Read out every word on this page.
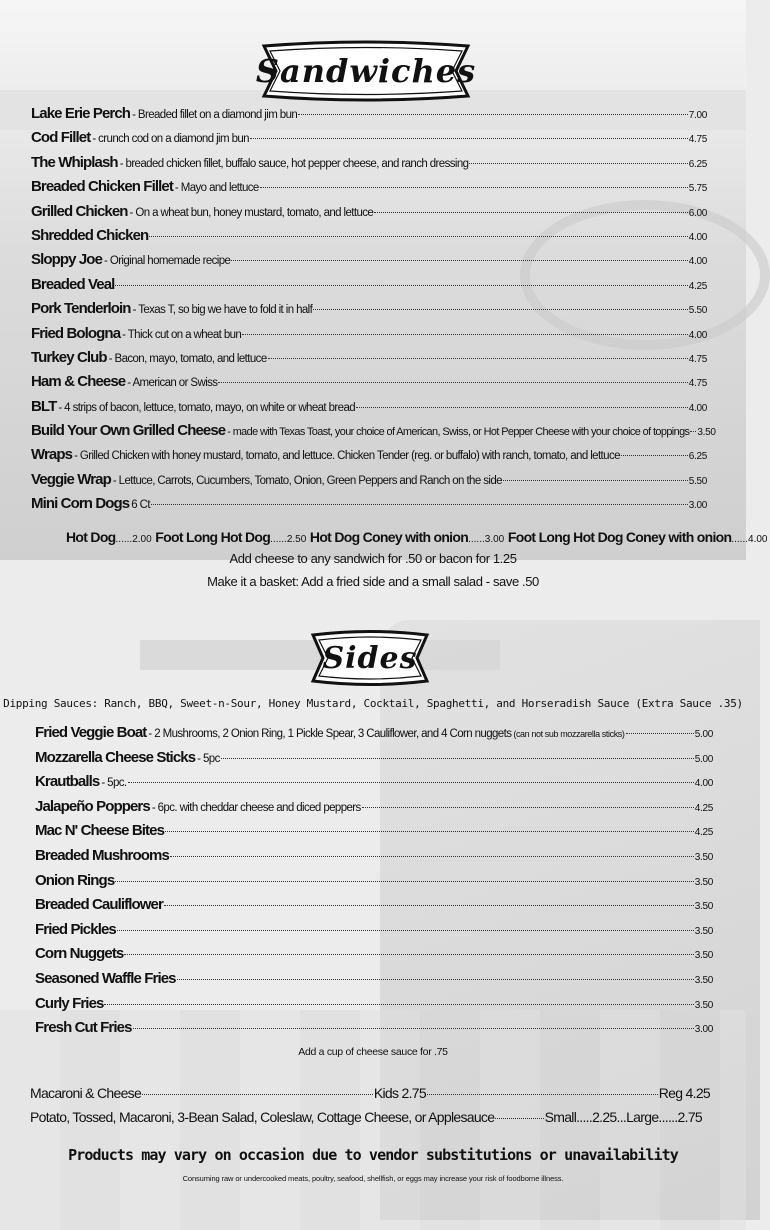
Sandwiches
Lake Erie Perch - Breaded fillet on a diamond jim bun	7.00
Cod Fillet - crunch cod on a diamond jim bun	4.75
The Whiplash - breaded chicken fillet, buffalo sauce, hot pepper cheese, and ranch dressing	6.25
Breaded Chicken Fillet - Mayo and lettuce	5.75
Grilled Chicken - On a wheat bun, honey mustard, tomato, and lettuce	6.00
Shredded Chicken	4.00
Sloppy Joe - Original homemade recipe	4.00
Breaded Veal	4.25
Pork Tenderloin - Texas T, so big we have to fold it in half	5.50
Fried Bologna - Thick cut on a wheat bun	4.00
Turkey Club - Bacon, mayo, tomato, and lettuce	4.75
Ham & Cheese - American or Swiss	4.75
BLT - 4 strips of bacon, lettuce, tomato, mayo, on white or wheat bread	4.00
Build Your Own Grilled Cheese - made with Texas Toast, your choice of American, Swiss, or Hot Pepper Cheese with your choice of toppings 3.50
Wraps - Grilled Chicken with honey mustard, tomato, and lettuce. Chicken Tender (reg. or buffalo) with ranch, tomato, and lettuce	6.25
Veggie Wrap - Lettuce, Carrots, Cucumbers, Tomato, Onion, Green Peppers and Ranch on the side	5.50
Mini Corn Dogs 6 Ct	3.00
Hot Dog......2.00 Foot Long Hot Dog......2.50 Hot Dog Coney with onion......3.00 Foot Long Hot Dog Coney with onion......4.00
Add cheese to any sandwich for .50 or bacon for 1.25
Make it a basket: Add a fried side and a small salad - save .50
Sides
Dipping Sauces: Ranch, BBQ, Sweet-n-Sour, Honey Mustard, Cocktail, Spaghetti, and Horseradish Sauce (Extra Sauce .35)
Fried Veggie Boat - 2 Mushrooms, 2 Onion Ring, 1 Pickle Spear, 3 Cauliflower, and 4 Corn nuggets (can not sub mozzarella sticks)	5.00
Mozzarella Cheese Sticks - 5pc	5.00
Krautballs - 5pc.	4.00
Jalapeño Poppers - 6pc. with cheddar cheese and diced peppers	4.25
Mac N' Cheese Bites	4.25
Breaded Mushrooms	3.50
Onion Rings	3.50
Breaded Cauliflower	3.50
Fried Pickles	3.50
Corn Nuggets	3.50
Seasoned Waffle Fries	3.50
Curly Fries	3.50
Fresh Cut Fries	3.00
Add a cup of cheese sauce for .75
Macaroni & Cheese	Kids 2.75	Reg 4.25
Potato, Tossed, Macaroni, 3-Bean Salad, Coleslaw, Cottage Cheese, or Applesauce	Small ..... 2.25 ... Large ...... 2.75
Products may vary on occasion due to vendor substitutions or unavailability
Consuming raw or undercooked meats, poultry, seafood, shellfish, or eggs may increase your risk of foodborne illness.
